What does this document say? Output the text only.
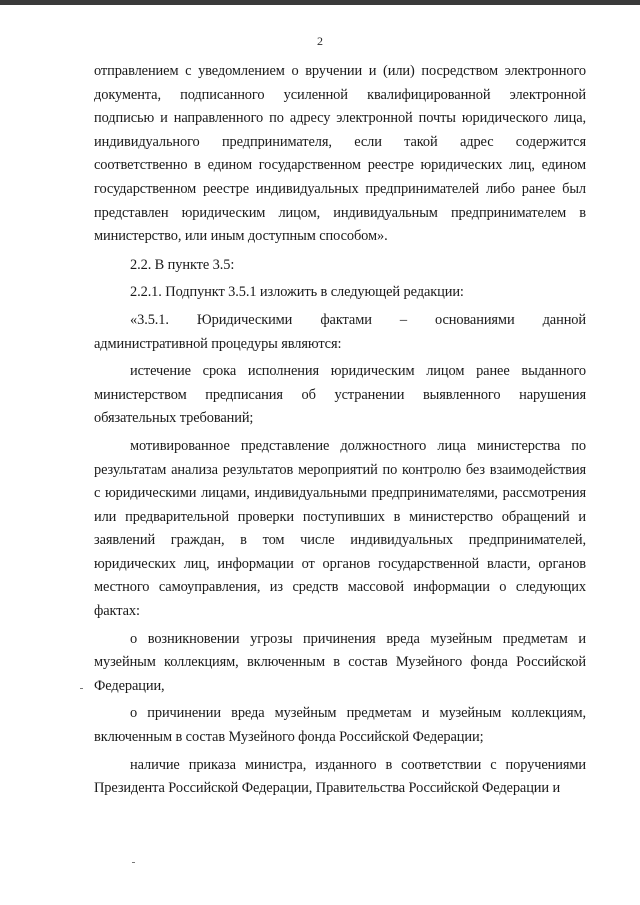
2

отправлением с уведомлением о вручении и (или) посредством электронного документа, подписанного усиленной квалифицированной электронной подписью и направленного по адресу электронной почты юридического лица, индивидуального предпринимателя, если такой адрес содержится соответственно в едином государственном реестре юридических лиц, едином государственном реестре индивидуальных предпринимателей либо ранее был представлен юридическим лицом, индивидуальным предпринимателем в министерство, или иным доступным способом».

2.2. В пункте 3.5:

2.2.1. Подпункт 3.5.1 изложить в следующей редакции:

«3.5.1. Юридическими фактами – основаниями данной

административной процедуры являются:

истечение срока исполнения юридическим лицом ранее выданного министерством предписания об устранении выявленного нарушения обязательных требований;

мотивированное представление должностного лица министерства по результатам анализа результатов мероприятий по контролю без взаимодействия с юридическими лицами, индивидуальными предпринимателями, рассмотрения или предварительной проверки поступивших в министерство обращений и заявлений граждан, в том числе индивидуальных предпринимателей, юридических лиц, информации от органов государственной власти, органов местного самоуправления, из средств массовой информации о следующих фактах:

о возникновении угрозы причинения вреда музейным предметам и музейным коллекциям, включенным в состав Музейного фонда Российской Федерации,

о причинении вреда музейным предметам и музейным коллекциям, включенным в состав Музейного фонда Российской Федерации;

наличие приказа министра, изданного в соответствии с поручениями Президента Российской Федерации, Правительства Российской Федерации и
